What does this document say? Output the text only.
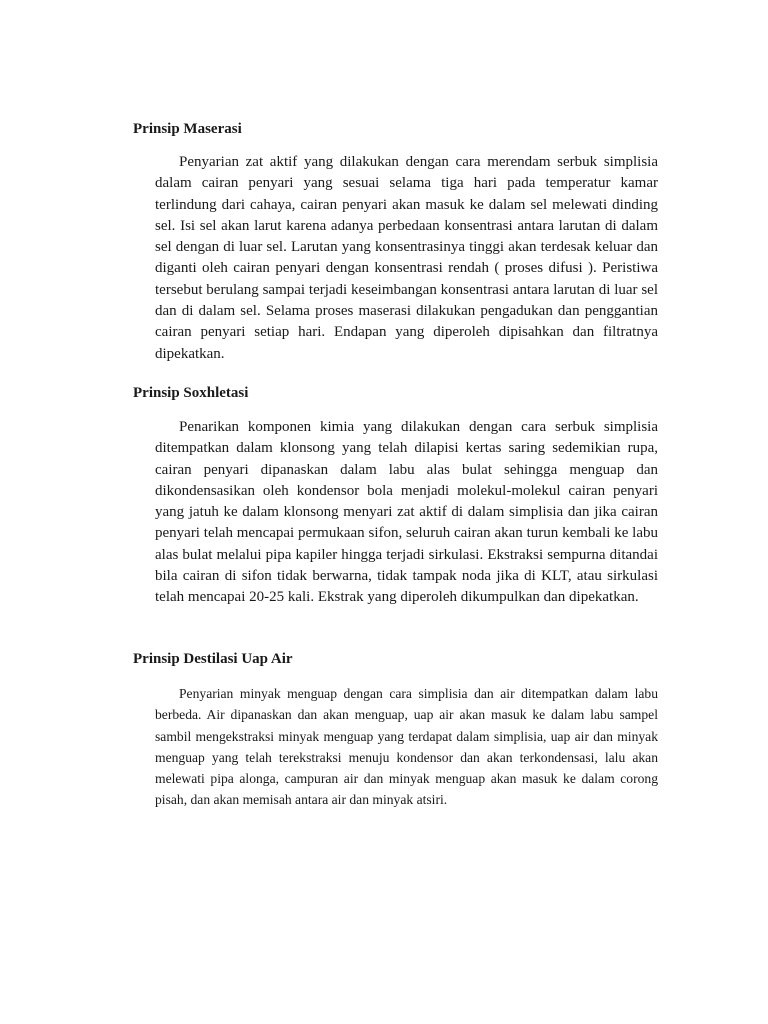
Prinsip Maserasi
Penyarian zat aktif yang dilakukan dengan cara merendam serbuk simplisia dalam cairan penyari yang sesuai selama tiga hari pada temperatur kamar terlindung dari cahaya, cairan penyari akan masuk ke dalam sel melewati dinding sel. Isi sel akan larut karena adanya perbedaan konsentrasi antara larutan di dalam sel dengan di luar sel. Larutan yang konsentrasinya tinggi akan terdesak keluar dan diganti oleh cairan penyari dengan konsentrasi rendah ( proses difusi ). Peristiwa tersebut berulang sampai terjadi keseimbangan konsentrasi antara larutan di luar sel dan di dalam sel. Selama proses maserasi dilakukan pengadukan dan penggantian cairan penyari setiap hari. Endapan yang diperoleh dipisahkan dan filtratnya dipekatkan.
Prinsip Soxhletasi
Penarikan komponen kimia yang dilakukan dengan cara serbuk simplisia ditempatkan dalam klonsong yang telah dilapisi kertas saring sedemikian rupa, cairan penyari dipanaskan dalam labu alas bulat sehingga menguap dan dikondensasikan oleh kondensor bola menjadi molekul-molekul cairan penyari yang jatuh ke dalam klonsong menyari zat aktif di dalam simplisia dan jika cairan penyari telah mencapai permukaan sifon, seluruh cairan akan turun kembali ke labu alas bulat melalui pipa kapiler hingga terjadi sirkulasi. Ekstraksi sempurna ditandai bila cairan di sifon tidak berwarna, tidak tampak noda jika di KLT, atau sirkulasi telah mencapai 20-25 kali. Ekstrak yang diperoleh dikumpulkan dan dipekatkan.
Prinsip Destilasi Uap Air
Penyarian minyak menguap dengan cara simplisia dan air ditempatkan dalam labu berbeda. Air dipanaskan dan akan menguap, uap air akan masuk ke dalam labu sampel sambil mengekstraksi minyak menguap yang terdapat dalam simplisia, uap air dan minyak menguap yang telah terekstraksi menuju kondensor dan akan terkondensasi, lalu akan melewati pipa alonga, campuran air dan minyak menguap akan masuk ke dalam corong pisah, dan akan memisah antara air dan minyak atsiri.
